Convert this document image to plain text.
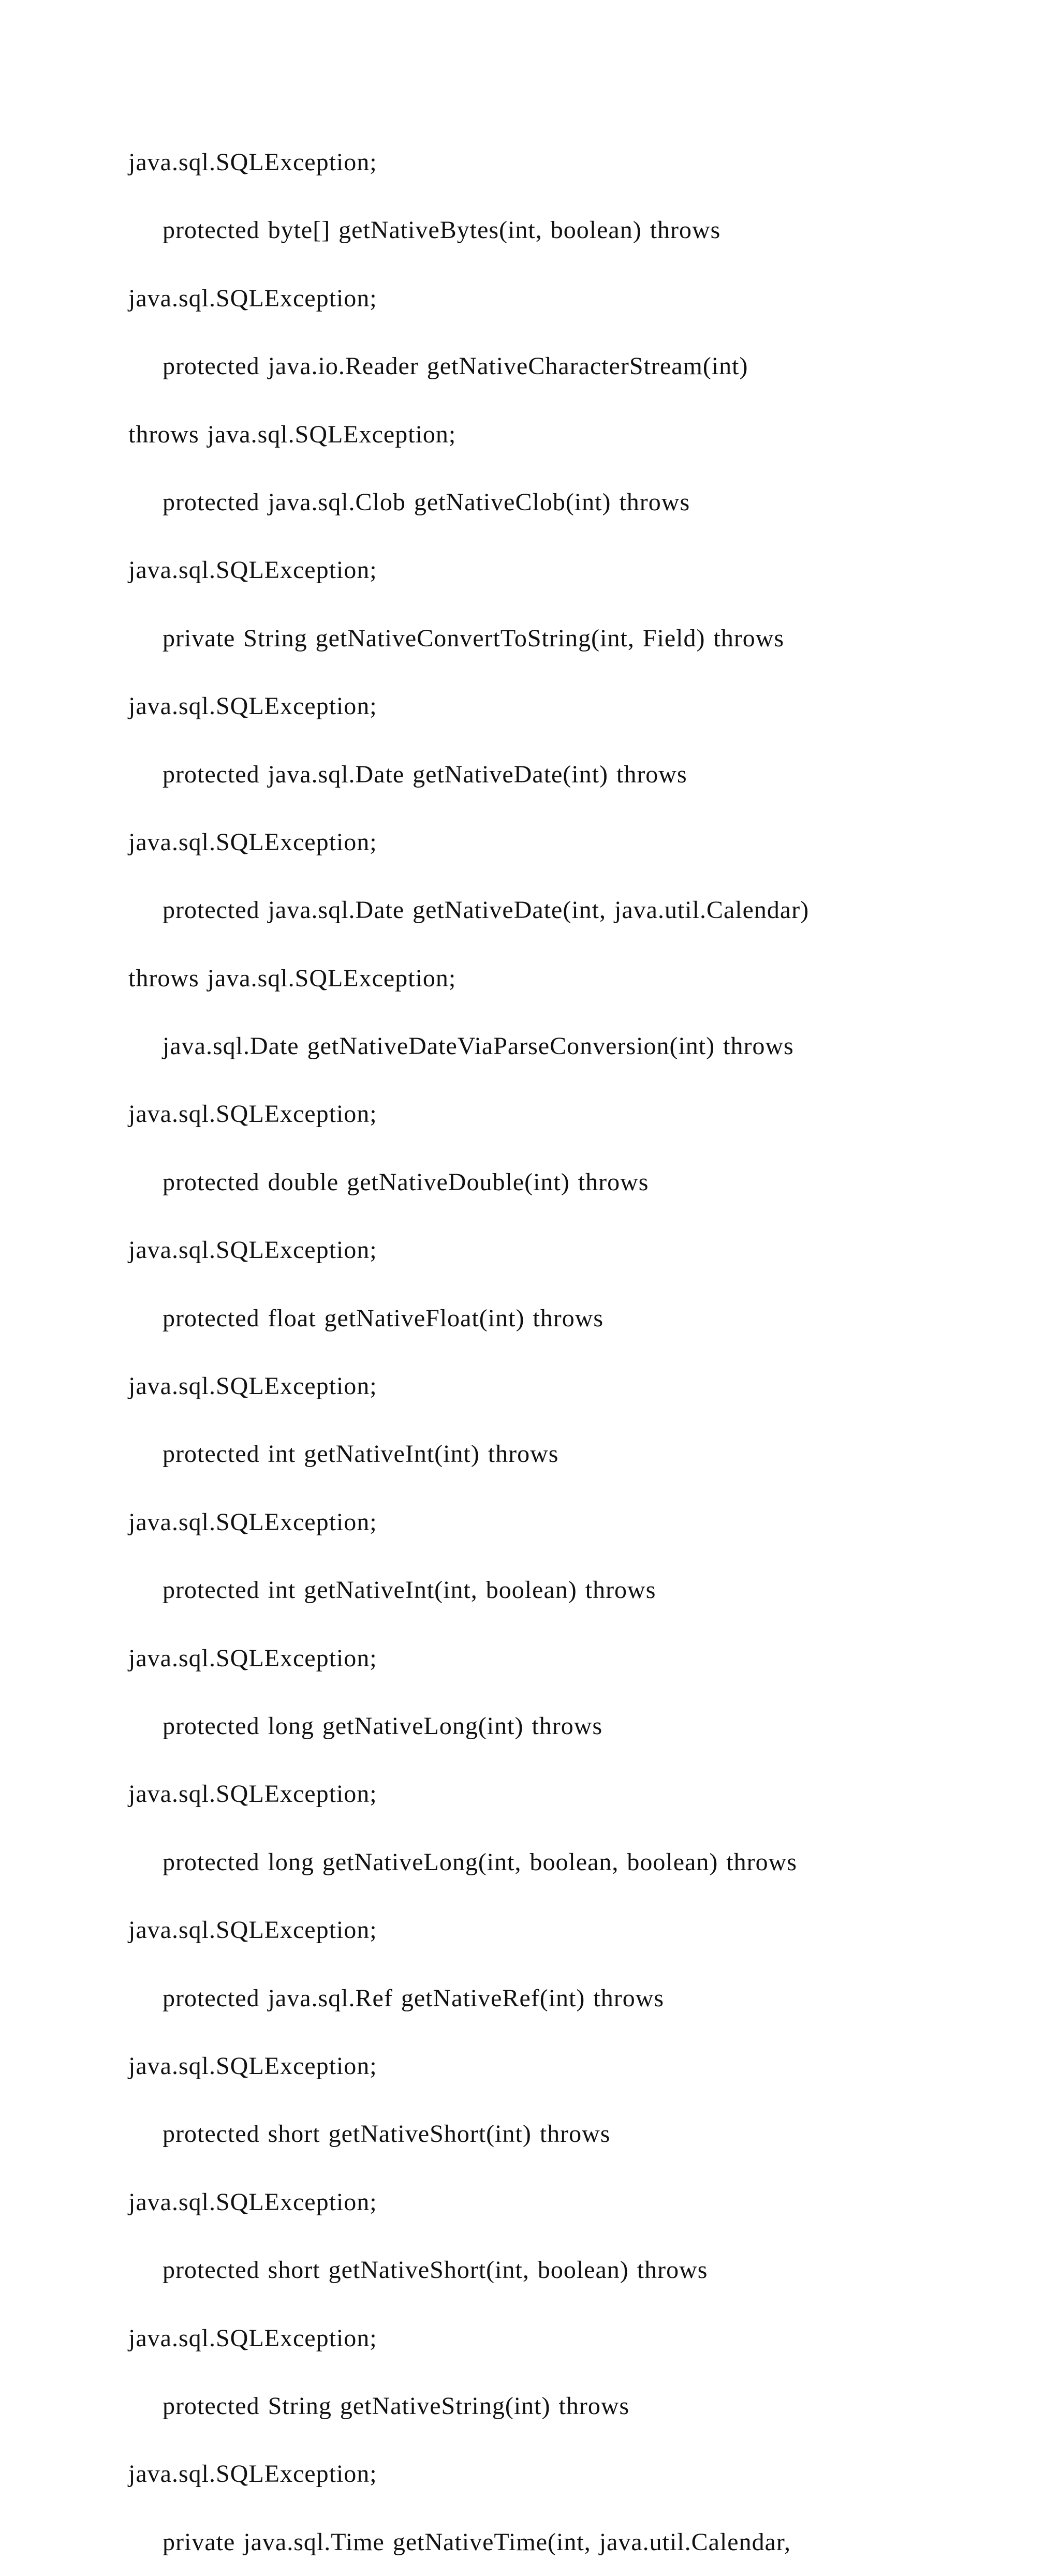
java.sql.SQLException;
protected byte[] getNativeBytes(int, boolean) throws
java.sql.SQLException;
protected java.io.Reader getNativeCharacterStream(int)
throws java.sql.SQLException;
protected java.sql.Clob getNativeClob(int) throws
java.sql.SQLException;
private String getNativeConvertToString(int, Field) throws
java.sql.SQLException;
protected java.sql.Date getNativeDate(int) throws
java.sql.SQLException;
protected java.sql.Date getNativeDate(int, java.util.Calendar)
throws java.sql.SQLException;
java.sql.Date getNativeDateViaParseConversion(int) throws
java.sql.SQLException;
protected double getNativeDouble(int) throws
java.sql.SQLException;
protected float getNativeFloat(int) throws
java.sql.SQLException;
protected int getNativeInt(int) throws
java.sql.SQLException;
protected int getNativeInt(int, boolean) throws
java.sql.SQLException;
protected long getNativeLong(int) throws
java.sql.SQLException;
protected long getNativeLong(int, boolean, boolean) throws
java.sql.SQLException;
protected java.sql.Ref getNativeRef(int) throws
java.sql.SQLException;
protected short getNativeShort(int) throws
java.sql.SQLException;
protected short getNativeShort(int, boolean) throws
java.sql.SQLException;
protected String getNativeString(int) throws
java.sql.SQLException;
private java.sql.Time getNativeTime(int, java.util.Calendar,
